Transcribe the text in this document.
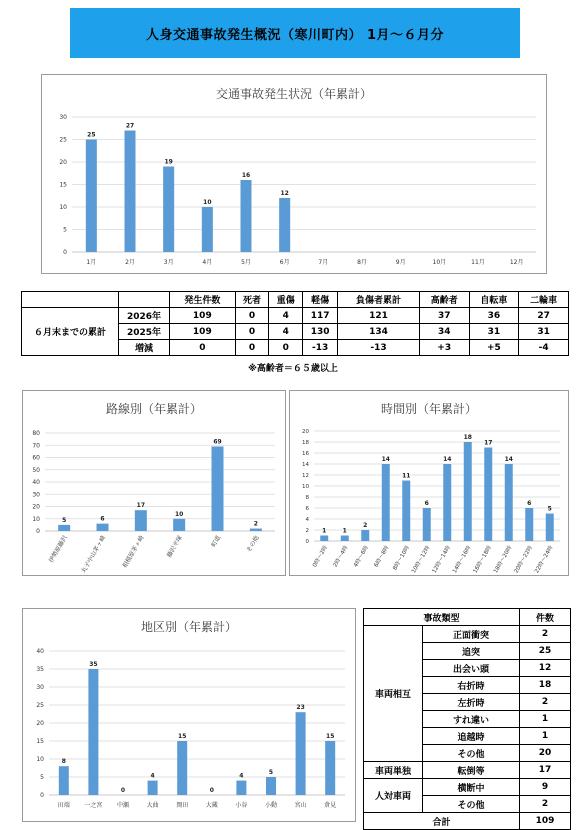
人身交通事故発生概況（寒川町内） 1月～６月分
交通事故発生状況（年累計）
0
5
10
15
20
25
30
25
1月
27
2月
19
3月
10
4月
16
5月
12
6月	7月	8月	9月	10月	11月	12月
		発生件数	死者	重傷	軽傷	負傷者累計	高齢者	自転車	二輪車
６月末までの累計	2026年	109	0	4	117	121	37	36	27
	2025年	109	0	4	130	134	34	31	31
	増減	0	0	0	-13	-13	+3	+5	-4
※高齢者＝６５歳以上
路線別（年累計）
0
10
20
30
40
50
60
70
80
5
伊勢原藤沢
6
丸子中山茅ヶ崎
17
相模原茅ヶ崎
10
藤沢平塚
69
町道
2
その他
時間別（年累計）
0
2
4
6
8
10
12
14
16
18
20
1
0時～2時
1
2時～4時
2
4時～6時
14
6時～8時
11
8時～10時
6
10時～12時
14
12時～14時
18
14時～16時
17
16時～18時
14
18時～20時
6
20時～22時
5
22時～24時
地区別（年累計）
0
5
10
15
20
25
30
35
40
8
田端
35
一之宮
0
中瀬
4
大曲
15
岡田
0
大蔵
4
小谷
5
小動
23
宮山
15
倉見
事故類型		件数
車両相互	正面衝突	2
	追突	25
	出会い頭	12
	右折時	18
	左折時	2
	すれ違い	1
	追越時	1
	その他	20
車両単独	転倒等	17
人対車両	横断中	9
	その他	2
合計		109
